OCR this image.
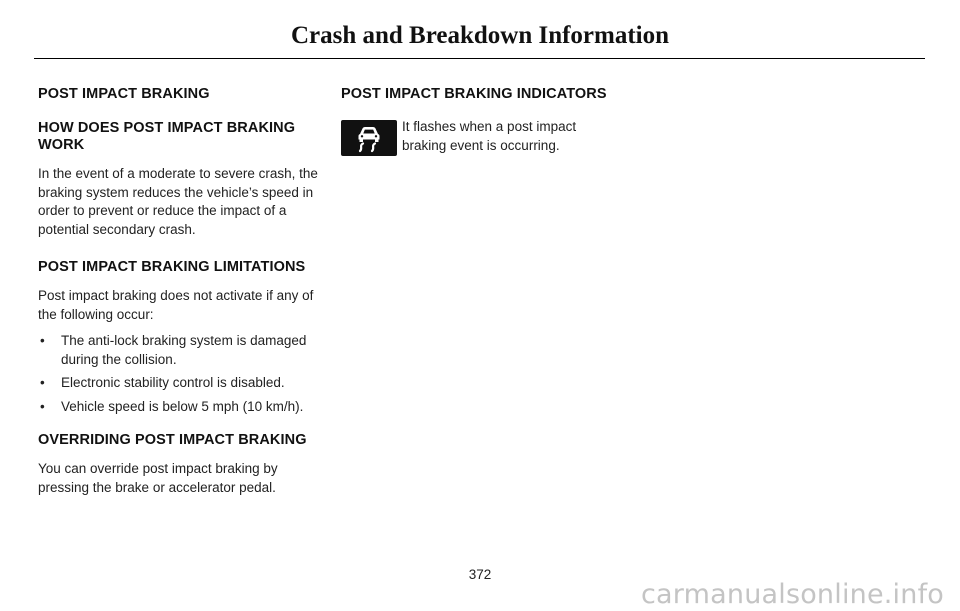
Crash and Breakdown Information
POST IMPACT BRAKING
HOW DOES POST IMPACT BRAKING WORK

In the event of a moderate to severe crash, the braking system reduces the vehicle’s speed in order to prevent or reduce the impact of a potential secondary crash.

POST IMPACT BRAKING LIMITATIONS

Post impact braking does not activate if any of the following occur:

• The anti-lock braking system is damaged during the collision.
• Electronic stability control is disabled.
• Vehicle speed is below 5 mph (10 km/h).
OVERRIDING POST IMPACT BRAKING

You can override post impact braking by pressing the brake or accelerator pedal.

POST IMPACT BRAKING INDICATORS
It flashes when a post impact braking event is occurring.
372
carmanualsonline.info
